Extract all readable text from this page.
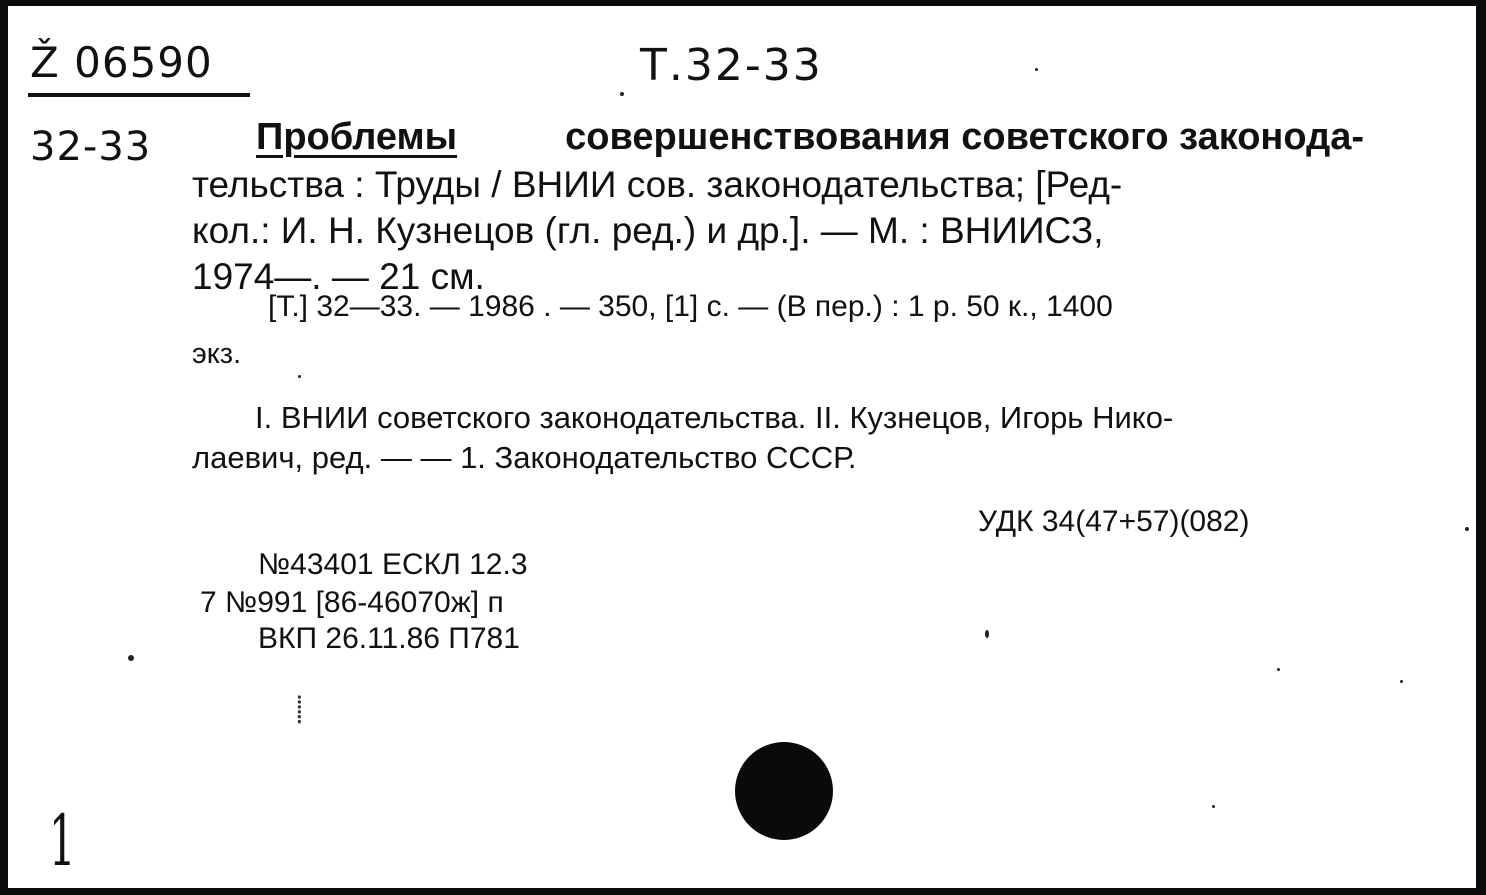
Ž 06590	Т.32-33
32-33	Проблемы	совершенствования советского законода-
тельства : Труды / ВНИИ сов. законодательства; [Ред-
кол.: И. Н. Кузнецов (гл. ред.) и др.]. — М. : ВНИИСЗ,
1974—. — 21 см.
[Т.] 32—33. — 1986 . — 350, [1] с. — (В пер.) : 1 р. 50 к., 1400
экз.
I. ВНИИ советского законодательства. II. Кузнецов, Игорь Нико-
лаевич, ред. — — 1. Законодательство СССР.
УДК 34(47+57)(082)
№43401 ЕСКЛ 12.3
7 №991 [86-46070ж] п
ВКП 26.11.86 П781
⸽
1
